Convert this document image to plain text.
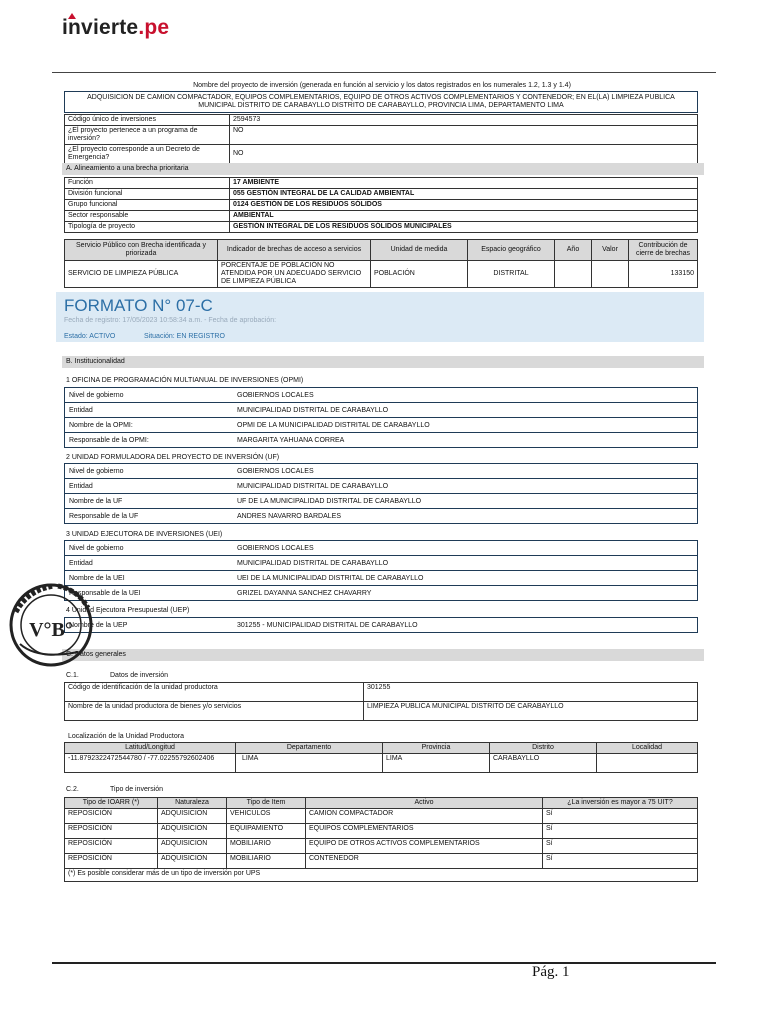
invierte.pe
Nombre del proyecto de inversión (generada en función al servicio y los datos registrados en los numerales 1.2, 1.3 y 1.4)
ADQUISICION DE CAMION COMPACTADOR, EQUIPOS COMPLEMENTARIOS, EQUIPO DE OTROS ACTIVOS COMPLEMENTARIOS Y CONTENEDOR; EN EL(LA) LIMPIEZA PUBLICA MUNICIPAL DISTRITO DE CARABAYLLO DISTRITO DE CARABAYLLO, PROVINCIA LIMA, DEPARTAMENTO LIMA
Código único de inversiones	2594573
¿El proyecto pertenece a un programa de inversión?	NO
¿El proyecto corresponde a un Decreto de Emergencia?	NO
A. Alineamiento a una brecha prioritaria
Función	17 AMBIENTE
División funcional	055 GESTIÓN INTEGRAL DE LA CALIDAD AMBIENTAL
Grupo funcional	0124 GESTIÓN DE LOS RESIDUOS SÓLIDOS
Sector responsable	AMBIENTAL
Tipología de proyecto	GESTIÓN INTEGRAL DE LOS RESIDUOS SÓLIDOS MUNICIPALES
Servicio Público con Brecha identificada y priorizada	Indicador de brechas de acceso a servicios	Unidad de medida	Espacio geográfico	Año	Valor	Contribución de cierre de brechas
SERVICIO DE LIMPIEZA PÚBLICA	PORCENTAJE DE POBLACIÓN NO ATENDIDA POR UN ADECUADO SERVICIO DE LIMPIEZA PÚBLICA	POBLACIÓN	DISTRITAL			133150
FORMATO N° 07-C
Fecha de registro: 17/05/2023 10:58:34 a.m. - Fecha de aprobación:
Estado: ACTIVO	Situación: EN REGISTRO
B. Institucionalidad
1 OFICINA DE PROGRAMACIÓN MULTIANUAL DE INVERSIONES (OPMI)
Nivel de gobierno	GOBIERNOS LOCALES
Entidad	MUNICIPALIDAD DISTRITAL DE CARABAYLLO
Nombre de la OPMI:	OPMI DE LA MUNICIPALIDAD DISTRITAL DE CARABAYLLO
Responsable de la OPMI:	MARGARITA YAHUANA CORREA
2 UNIDAD FORMULADORA DEL PROYECTO DE INVERSIÓN (UF)
Nivel de gobierno	GOBIERNOS LOCALES
Entidad	MUNICIPALIDAD DISTRITAL DE CARABAYLLO
Nombre de la UF	UF DE LA MUNICIPALIDAD DISTRITAL DE CARABAYLLO
Responsable de la UF	ANDRES NAVARRO BARDALES
3 UNIDAD EJECUTORA DE INVERSIONES (UEI)
Nivel de gobierno	GOBIERNOS LOCALES
Entidad	MUNICIPALIDAD DISTRITAL DE CARABAYLLO
Nombre de la UEI	UEI DE LA MUNICIPALIDAD DISTRITAL DE CARABAYLLO
Responsable de la UEI	GRIZEL DAYANNA SANCHEZ CHAVARRY
4 Unidad Ejecutora Presupuestal (UEP)
Nombre de la UEP	301255 - MUNICIPALIDAD DISTRITAL DE CARABAYLLO
C. Datos generales
C.1.	Datos de inversión
Código de identificación de la unidad productora	301255
Nombre de la unidad productora de bienes y/o servicios	LIMPIEZA PUBLICA MUNICIPAL DISTRITO DE CARABAYLLO
Localización de la Unidad Productora
Latitud/Longitud	Departamento	Provincia	Distrito	Localidad
-11.8792322472544780 / -77.02255792602406	LIMA	LIMA	CARABAYLLO	
C.2.	Tipo de inversión
Tipo de IOARR (*)	Naturaleza	Tipo de Item	Activo	¿La inversión es mayor a 75 UIT?
REPOSICIÓN	ADQUISICION	VEHICULOS	CAMION COMPACTADOR	Sí
REPOSICIÓN	ADQUISICION	EQUIPAMIENTO	EQUIPOS COMPLEMENTARIOS	Sí
REPOSICIÓN	ADQUISICION	MOBILIARIO	EQUIPO DE OTROS ACTIVOS COMPLEMENTARIOS	Sí
REPOSICIÓN	ADQUISICION	MOBILIARIO	CONTENEDOR	Sí
(*) Es posible considerar más de un tipo de inversión por UPS				
V°B°
Pág. 1
